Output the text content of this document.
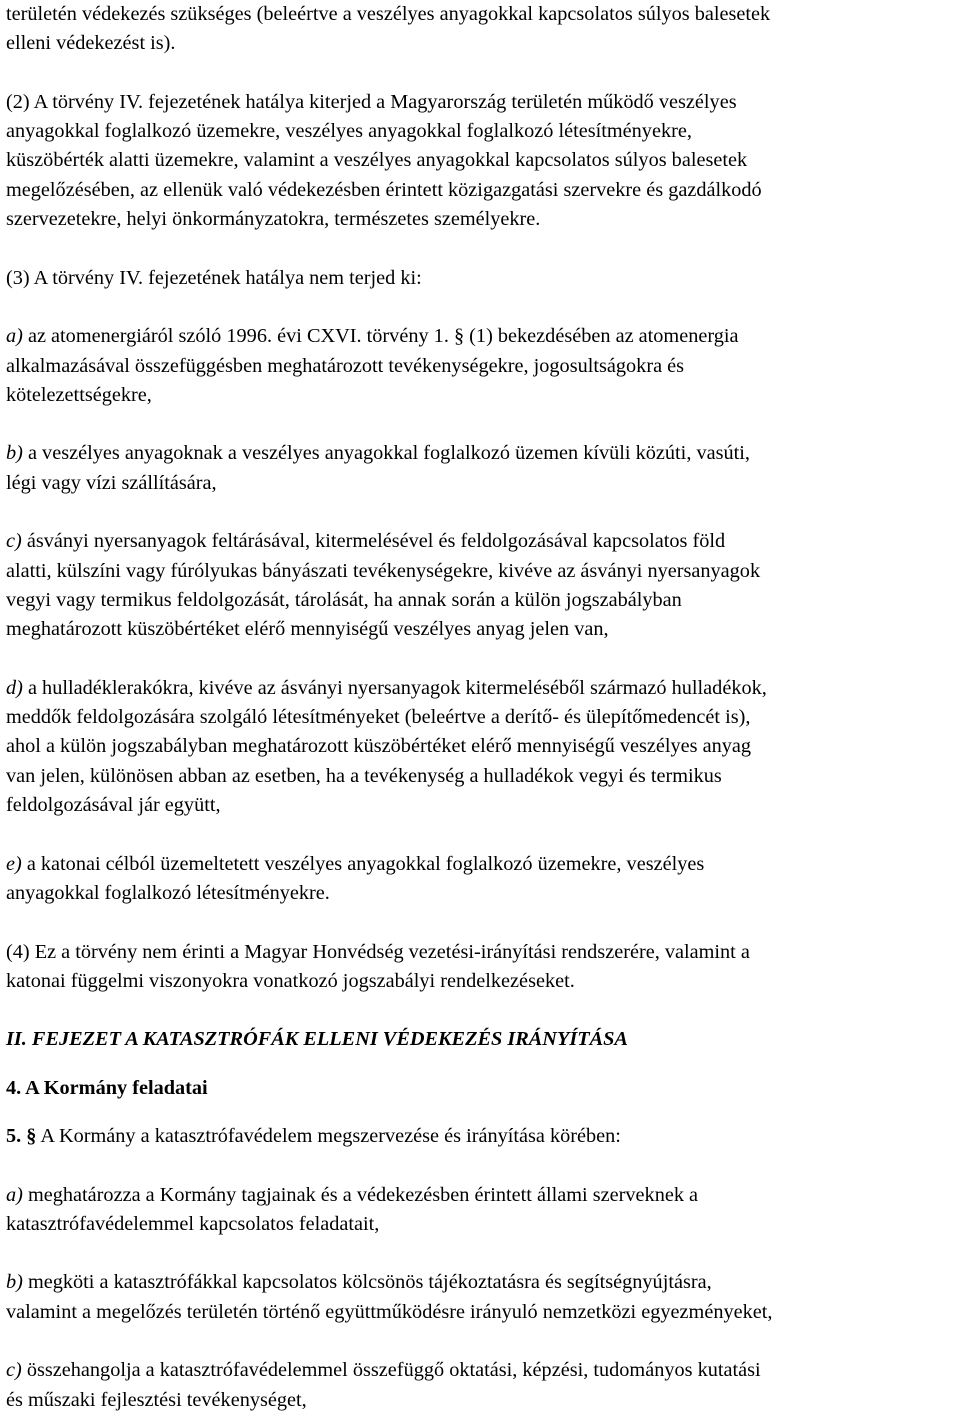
területén védekezés szükséges (beleértve a veszélyes anyagokkal kapcsolatos súlyos balesetek
elleni védekezést is).
(2) A törvény IV. fejezetének hatálya kiterjed a Magyarország területén működő veszélyes
anyagokkal foglalkozó üzemekre, veszélyes anyagokkal foglalkozó létesítményekre,
küszöbérték alatti üzemekre, valamint a veszélyes anyagokkal kapcsolatos súlyos balesetek
megelőzésében, az ellenük való védekezésben érintett közigazgatási szervekre és gazdálkodó
szervezetekre, helyi önkormányzatokra, természetes személyekre.
(3) A törvény IV. fejezetének hatálya nem terjed ki:
a) az atomenergiáról szóló 1996. évi CXVI. törvény 1. § (1) bekezdésében az atomenergia
alkalmazásával összefüggésben meghatározott tevékenységekre, jogosultságokra és
kötelezettségekre,
b) a veszélyes anyagoknak a veszélyes anyagokkal foglalkozó üzemen kívüli közúti, vasúti,
légi vagy vízi szállítására,
c) ásványi nyersanyagok feltárásával, kitermelésével és feldolgozásával kapcsolatos föld
alatti, külszíni vagy fúrólyukas bányászati tevékenységekre, kivéve az ásványi nyersanyagok
vegyi vagy termikus feldolgozását, tárolását, ha annak során a külön jogszabályban
meghatározott küszöbértéket elérő mennyiségű veszélyes anyag jelen van,
d) a hulladéklerakókra, kivéve az ásványi nyersanyagok kitermeléséből származó hulladékok,
meddők feldolgozására szolgáló létesítményeket (beleértve a derítő- és ülepítőmedencét is),
ahol a külön jogszabályban meghatározott küszöbértéket elérő mennyiségű veszélyes anyag
van jelen, különösen abban az esetben, ha a tevékenység a hulladékok vegyi és termikus
feldolgozásával jár együtt,
e) a katonai célból üzemeltetett veszélyes anyagokkal foglalkozó üzemekre, veszélyes
anyagokkal foglalkozó létesítményekre.
(4) Ez a törvény nem érinti a Magyar Honvédség vezetési-irányítási rendszerére, valamint a
katonai függelmi viszonyokra vonatkozó jogszabályi rendelkezéseket.
II. FEJEZET A KATASZTRÓFÁK ELLENI VÉDEKEZÉS IRÁNYÍTÁSA
4. A Kormány feladatai
5. § A Kormány a katasztrófavédelem megszervezése és irányítása körében:
a) meghatározza a Kormány tagjainak és a védekezésben érintett állami szerveknek a
katasztrófavédelemmel kapcsolatos feladatait,
b) megköti a katasztrófákkal kapcsolatos kölcsönös tájékoztatásra és segítségnyújtásra,
valamint a megelőzés területén történő együttműködésre irányuló nemzetközi egyezményeket,
c) összehangolja a katasztrófavédelemmel összefüggő oktatási, képzési, tudományos kutatási
és műszaki fejlesztési tevékenységet,
